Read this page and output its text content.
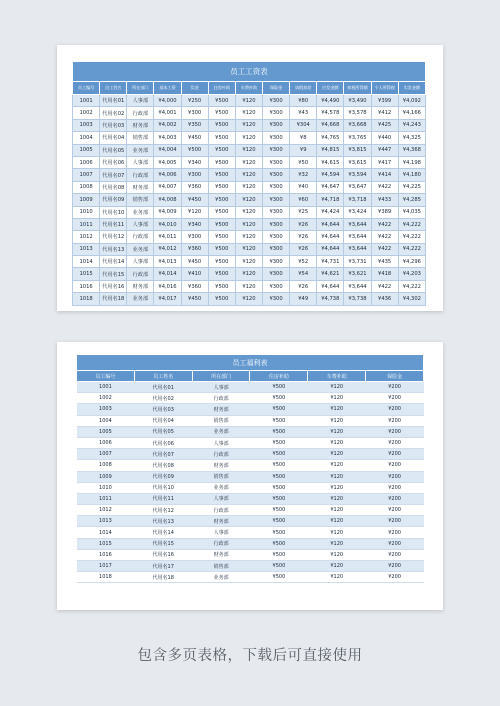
员工工资表												
员工编号	员工姓名	所在部门	基本工资	奖金	住房补助	车费补助	保险金	请假扣款	应发金额	扣税所得额	个人所得税	实发金额
1001	代用名01	人事部	¥4,000	¥250	¥500	¥120	¥300	¥80	¥4,490	¥3,490	¥399	¥4,092
1002	代用名02	行政部	¥4,001	¥300	¥500	¥120	¥300	¥43	¥4,578	¥3,578	¥412	¥4,166
1003	代用名03	财务部	¥4,002	¥350	¥500	¥120	¥300	¥304	¥4,668	¥3,668	¥425	¥4,243
1004	代用名04	销售部	¥4,003	¥450	¥500	¥120	¥300	¥8	¥4,765	¥3,765	¥440	¥4,325
1005	代用名05	业务部	¥4,004	¥500	¥500	¥120	¥300	¥9	¥4,815	¥3,815	¥447	¥4,368
1006	代用名06	人事部	¥4,005	¥340	¥500	¥120	¥300	¥50	¥4,615	¥3,615	¥417	¥4,198
1007	代用名07	行政部	¥4,006	¥300	¥500	¥120	¥300	¥32	¥4,594	¥3,594	¥414	¥4,180
1008	代用名08	财务部	¥4,007	¥360	¥500	¥120	¥300	¥40	¥4,647	¥3,647	¥422	¥4,225
1009	代用名09	销售部	¥4,008	¥450	¥500	¥120	¥300	¥60	¥4,718	¥3,718	¥433	¥4,285
1010	代用名10	业务部	¥4,009	¥120	¥500	¥120	¥300	¥25	¥4,424	¥3,424	¥389	¥4,035
1011	代用名11	人事部	¥4,010	¥340	¥500	¥120	¥300	¥26	¥4,644	¥3,644	¥422	¥4,222
1012	代用名12	行政部	¥4,011	¥300	¥500	¥120	¥300	¥26	¥4,644	¥3,644	¥422	¥4,222
1013	代用名13	业务部	¥4,012	¥360	¥500	¥120	¥300	¥26	¥4,644	¥3,644	¥422	¥4,222
1014	代用名14	人事部	¥4,013	¥450	¥500	¥120	¥300	¥52	¥4,731	¥3,731	¥435	¥4,296
1015	代用名15	行政部	¥4,014	¥410	¥500	¥120	¥300	¥54	¥4,621	¥3,621	¥418	¥4,203
1016	代用名16	财务部	¥4,016	¥360	¥500	¥120	¥300	¥26	¥4,644	¥3,644	¥422	¥4,222
1018	代用名18	业务部	¥4,017	¥450	¥500	¥120	¥300	¥49	¥4,738	¥3,738	¥436	¥4,302
员工福利表					
员工编号	员工姓名	所在部门	住房补助	车费补助	保险金
1001	代用名01	人事部	¥500	¥120	¥200
1002	代用名02	行政部	¥500	¥120	¥200
1003	代用名03	财务部	¥500	¥120	¥200
1004	代用名04	销售部	¥500	¥120	¥200
1005	代用名05	业务部	¥500	¥120	¥200
1006	代用名06	人事部	¥500	¥120	¥200
1007	代用名07	行政部	¥500	¥120	¥200
1008	代用名08	财务部	¥500	¥120	¥200
1009	代用名09	销售部	¥500	¥120	¥200
1010	代用名10	业务部	¥500	¥120	¥200
1011	代用名11	人事部	¥500	¥120	¥200
1012	代用名12	行政部	¥500	¥120	¥200
1013	代用名13	财务部	¥500	¥120	¥200
1014	代用名14	人事部	¥500	¥120	¥200
1015	代用名15	行政部	¥500	¥120	¥200
1016	代用名16	财务部	¥500	¥120	¥200
1017	代用名17	销售部	¥500	¥120	¥200
1018	代用名18	业务部	¥500	¥120	¥200
包含多页表格，下载后可直接使用
